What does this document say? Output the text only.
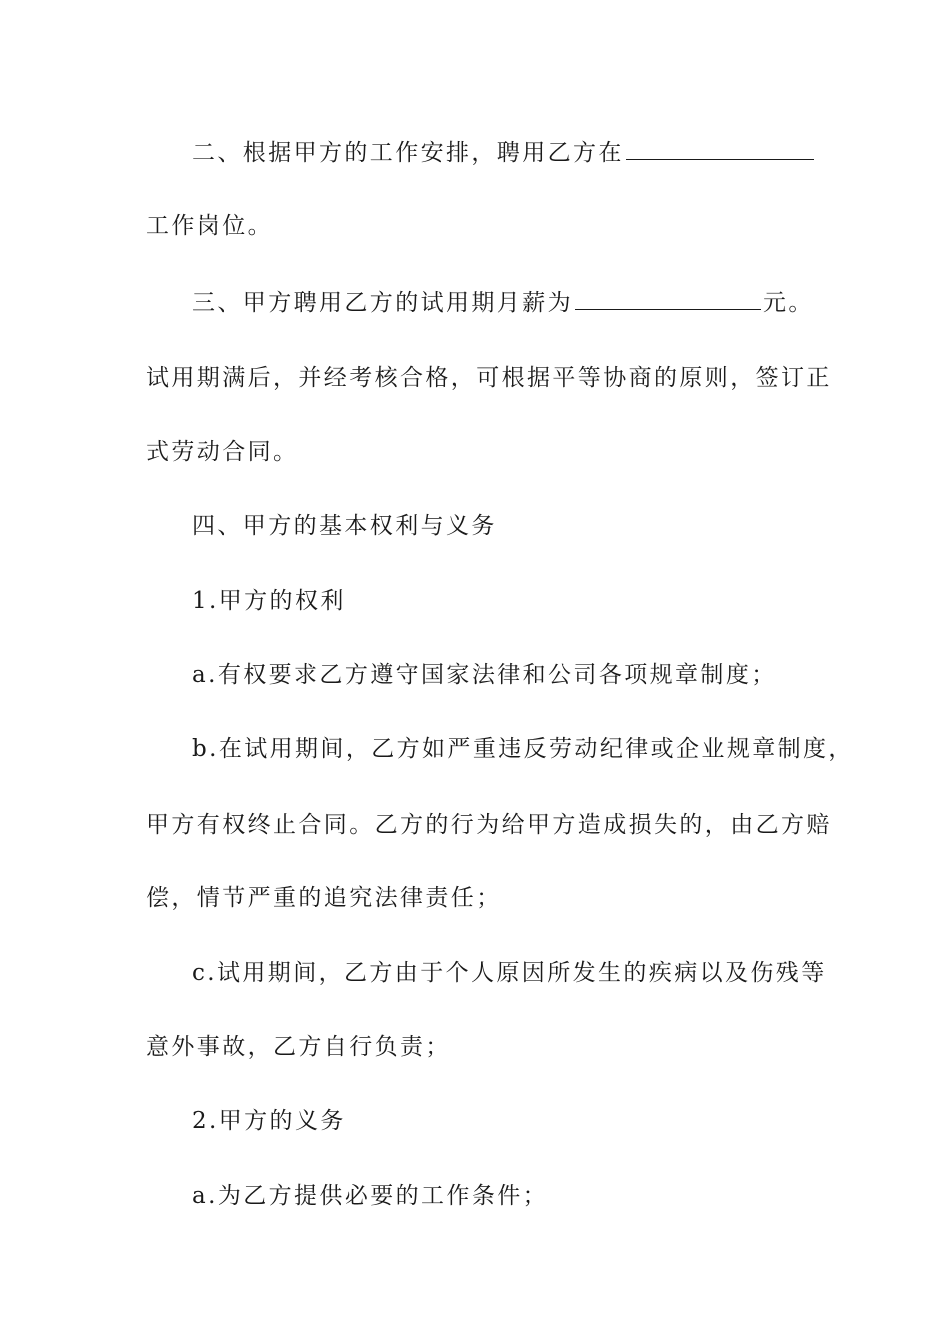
二、根据甲方的工作安排，聘用乙方在
工作岗位。
三、甲方聘用乙方的试用期月薪为	元。
试用期满后，并经考核合格，可根据平等协商的原则，签订正
式劳动合同。
四、甲方的基本权利与义务
1.甲方的权利
a.有权要求乙方遵守国家法律和公司各项规章制度；
b.在试用期间，乙方如严重违反劳动纪律或企业规章制度，
甲方有权终止合同。乙方的行为给甲方造成损失的，由乙方赔
偿，情节严重的追究法律责任；
c.试用期间，乙方由于个人原因所发生的疾病以及伤残等
意外事故，乙方自行负责；
2.甲方的义务
a.为乙方提供必要的工作条件；
